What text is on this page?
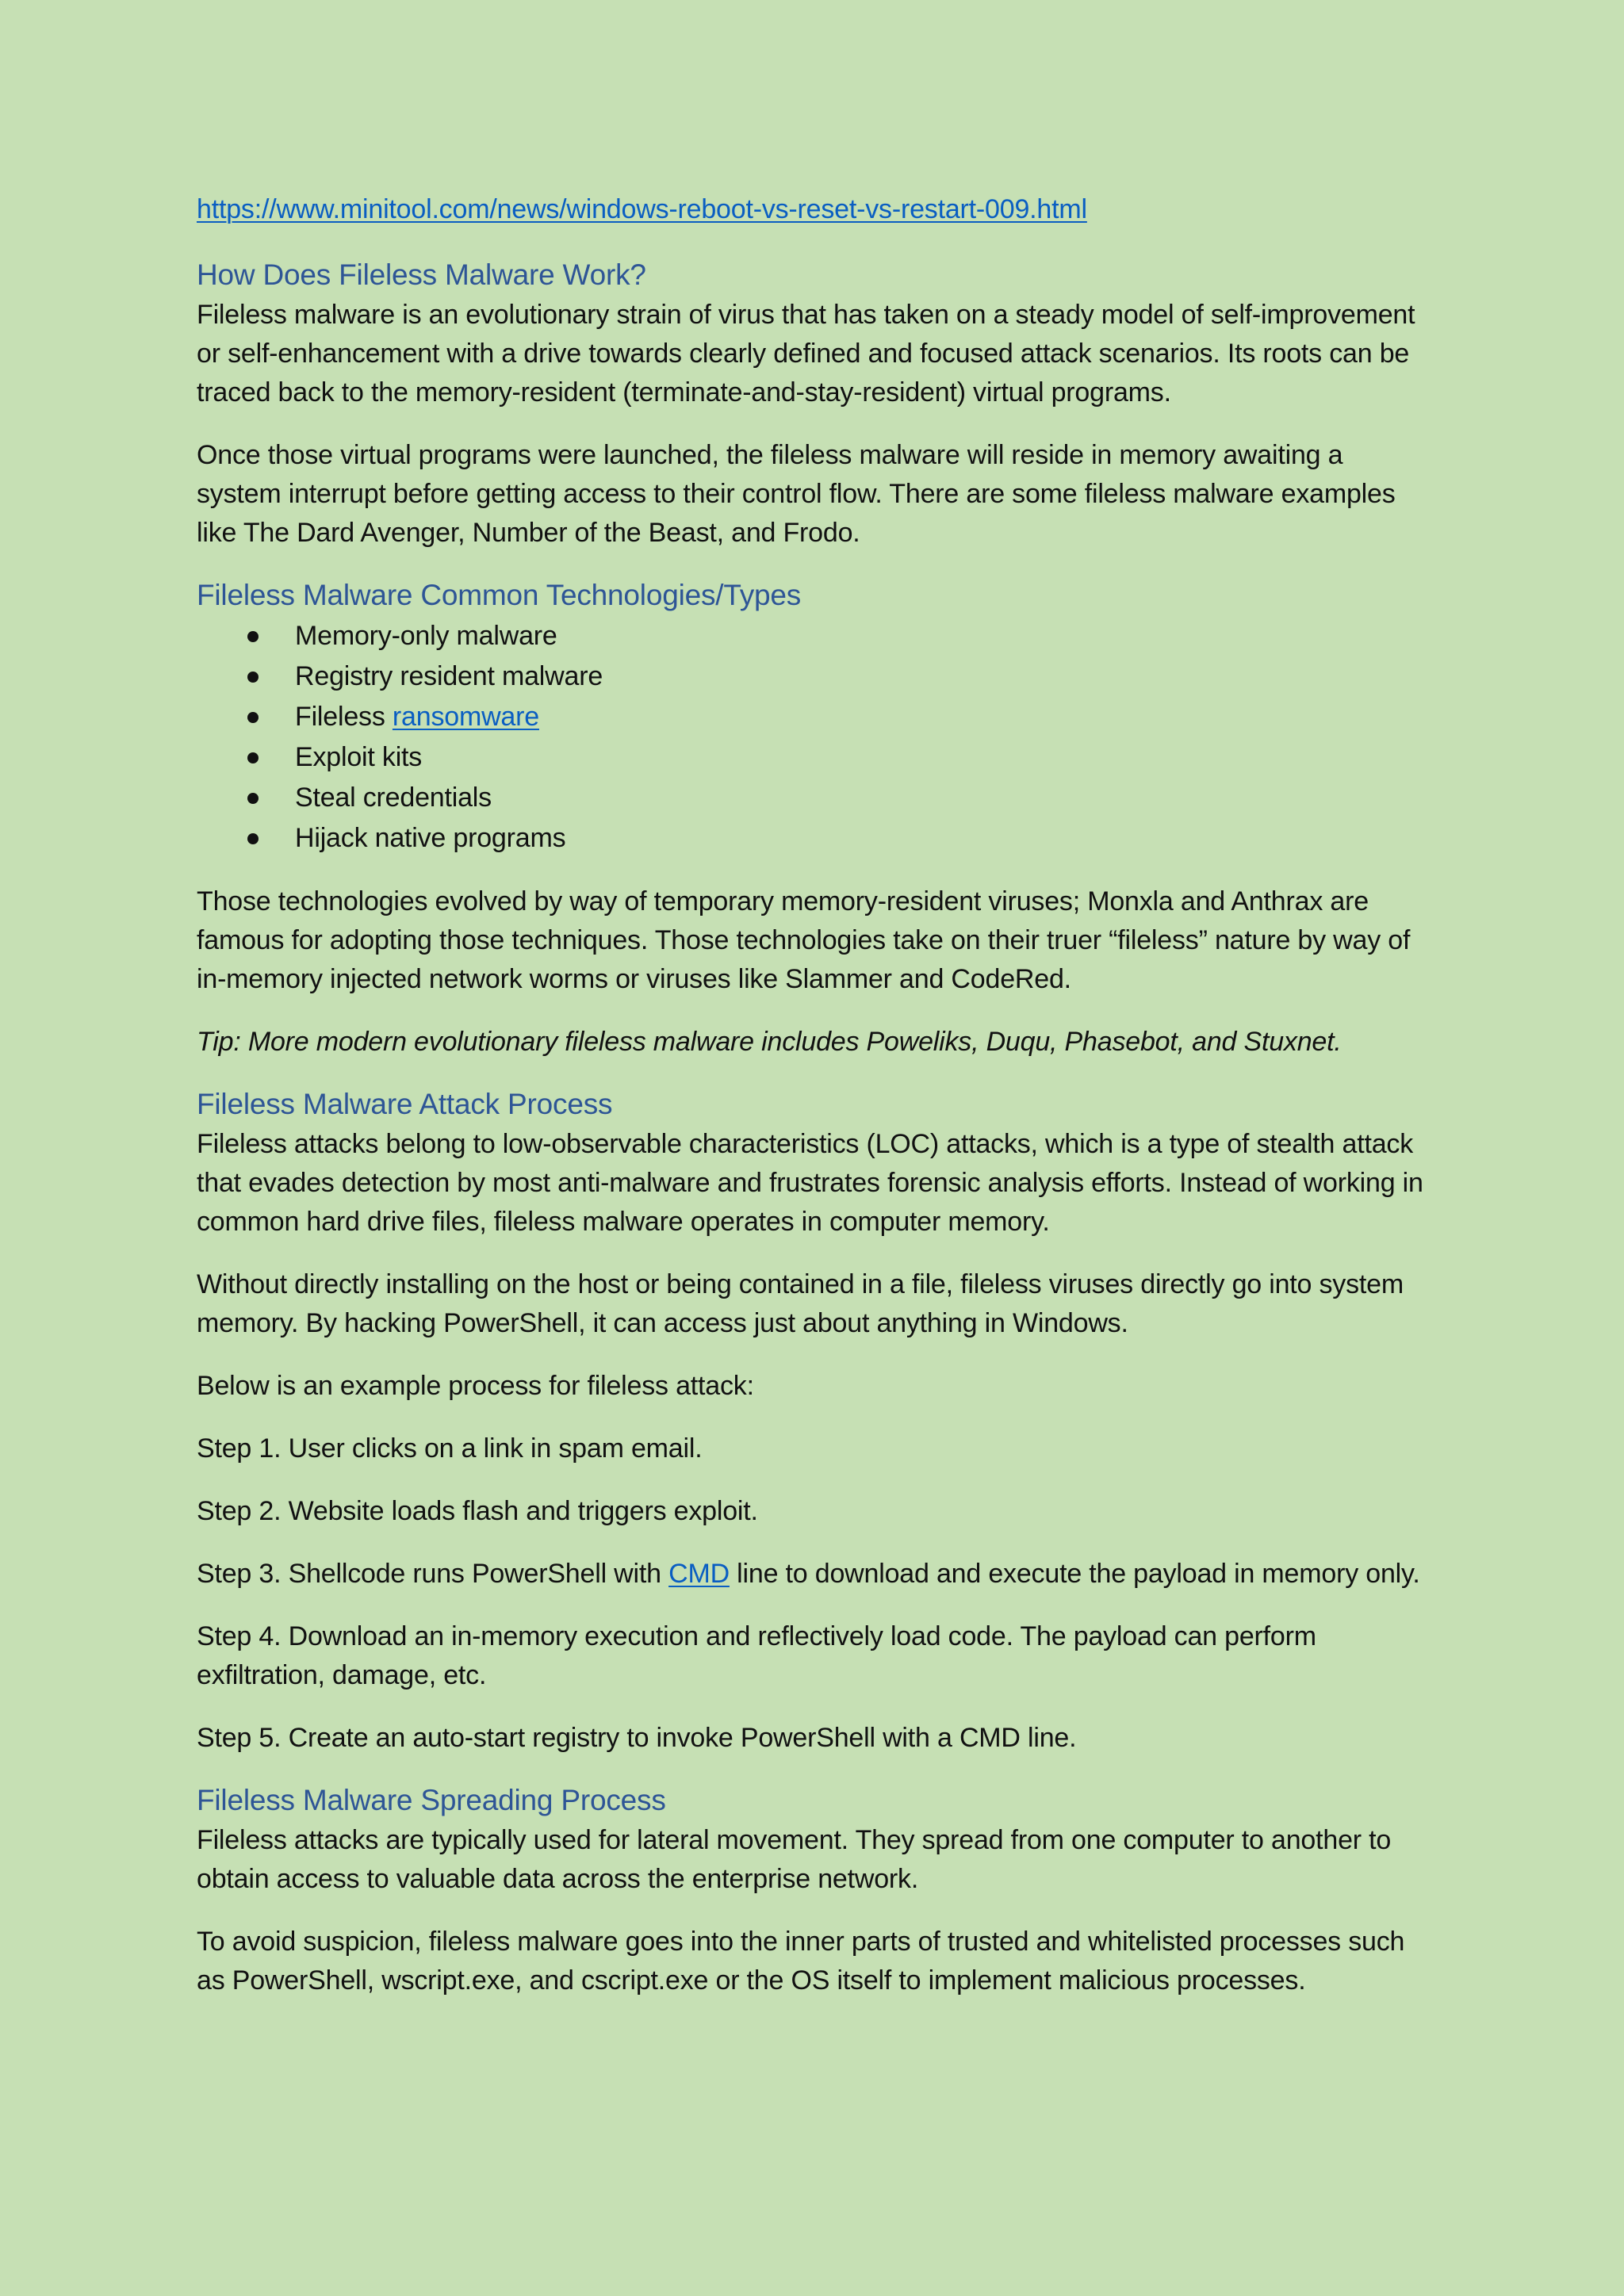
https://www.minitool.com/news/windows-reboot-vs-reset-vs-restart-009.html

How Does Fileless Malware Work?

Fileless malware is an evolutionary strain of virus that has taken on a steady model of self-improvement or self-enhancement with a drive towards clearly defined and focused attack scenarios. Its roots can be traced back to the memory-resident (terminate-and-stay-resident) virtual programs.

Once those virtual programs were launched, the fileless malware will reside in memory awaiting a system interrupt before getting access to their control flow. There are some fileless malware examples like The Dard Avenger, Number of the Beast, and Frodo.

Fileless Malware Common Technologies/Types
Memory-only malware
Registry resident malware
Fileless ransomware
Exploit kits
Steal credentials
Hijack native programs

Those technologies evolved by way of temporary memory-resident viruses; Monxla and Anthrax are famous for adopting those techniques. Those technologies take on their truer “fileless” nature by way of in-memory injected network worms or viruses like Slammer and CodeRed.

Tip: More modern evolutionary fileless malware includes Poweliks, Duqu, Phasebot, and Stuxnet.

Fileless Malware Attack Process

Fileless attacks belong to low-observable characteristics (LOC) attacks, which is a type of stealth attack that evades detection by most anti-malware and frustrates forensic analysis efforts. Instead of working in common hard drive files, fileless malware operates in computer memory.

Without directly installing on the host or being contained in a file, fileless viruses directly go into system memory. By hacking PowerShell, it can access just about anything in Windows.

Below is an example process for fileless attack:

Step 1. User clicks on a link in spam email.

Step 2. Website loads flash and triggers exploit.

Step 3. Shellcode runs PowerShell with CMD line to download and execute the payload in memory only.

Step 4. Download an in-memory execution and reflectively load code. The payload can perform exfiltration, damage, etc.

Step 5. Create an auto-start registry to invoke PowerShell with a CMD line.

Fileless Malware Spreading Process

Fileless attacks are typically used for lateral movement. They spread from one computer to another to obtain access to valuable data across the enterprise network.

To avoid suspicion, fileless malware goes into the inner parts of trusted and whitelisted processes such as PowerShell, wscript.exe, and cscript.exe or the OS itself to implement malicious processes.
